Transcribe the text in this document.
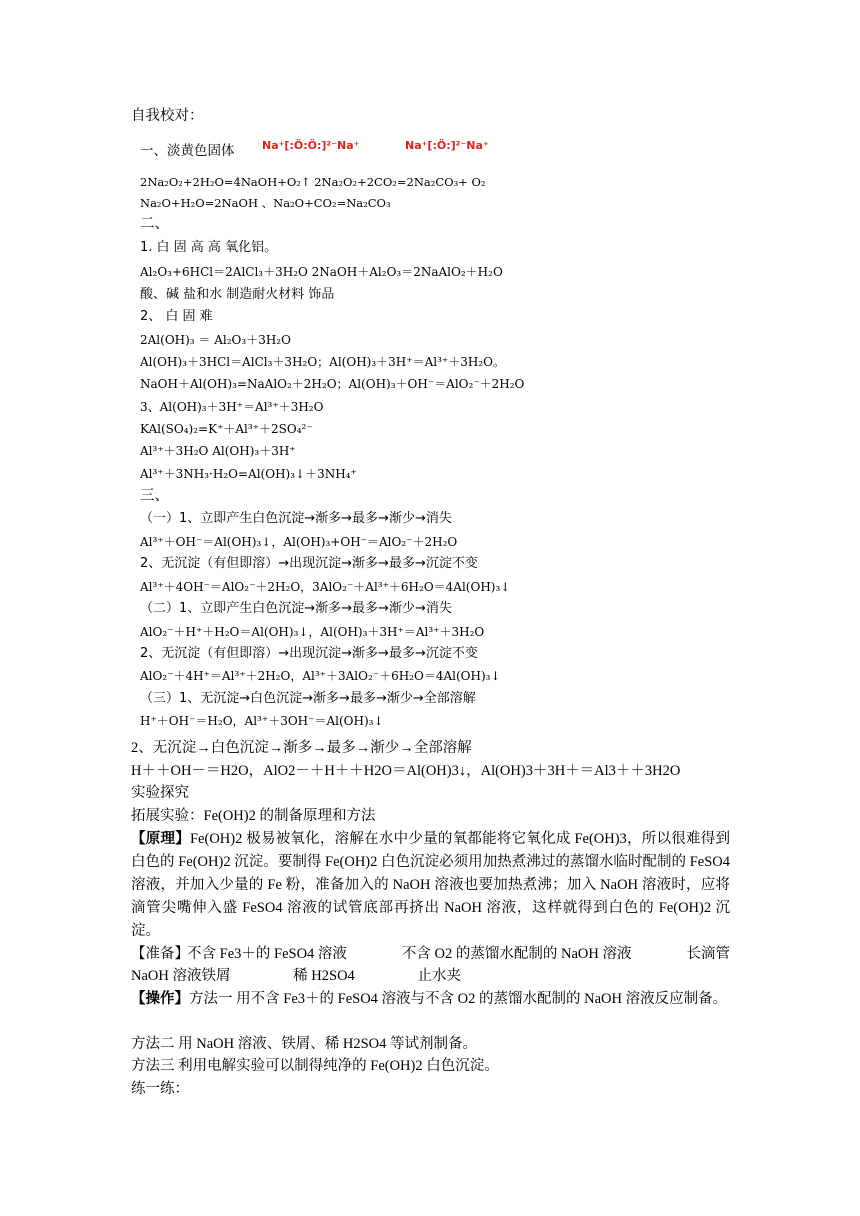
自我校对：
一、淡黄色固体	Na⁺[:Ö:Ö:]²⁻Na⁺	Na⁺[:Ö:]²⁻Na⁺
2Na₂O₂+2H₂O=4NaOH+O₂↑ 2Na₂O₂+2CO₂=2Na₂CO₃+ O₂
Na₂O+H₂O=2NaOH 、Na₂O+CO₂=Na₂CO₃
二、
1. 白 固 高 高 氧化铝。
Al₂O₃+6HCl＝2AlCl₃＋3H₂O 2NaOH＋Al₂O₃＝2NaAlO₂＋H₂O
酸、碱 盐和水 制造耐火材料 饰品
2、 白 固 难
2Al(OH)₃ ＝ Al₂O₃＋3H₂O
Al(OH)₃＋3HCl＝AlCl₃＋3H₂O；Al(OH)₃＋3H⁺＝Al³⁺＋3H₂O。
NaOH＋Al(OH)₃=NaAlO₂＋2H₂O；Al(OH)₃＋OH⁻＝AlO₂⁻＋2H₂O
3、Al(OH)₃＋3H⁺＝Al³⁺＋3H₂O
KAl(SO₄)₂=K⁺＋Al³⁺＋2SO₄²⁻
Al³⁺＋3H₂O Al(OH)₃＋3H⁺
Al³⁺＋3NH₃·H₂O=Al(OH)₃↓＋3NH₄⁺
三、
（一）1、立即产生白色沉淀→渐多→最多→渐少→消失
Al³⁺＋OH⁻＝Al(OH)₃↓，Al(OH)₃+OH⁻＝AlO₂⁻＋2H₂O
2、无沉淀（有但即溶）→出现沉淀→渐多→最多→沉淀不变
Al³⁺＋4OH⁻＝AlO₂⁻＋2H₂O，3AlO₂⁻＋Al³⁺＋6H₂O＝4Al(OH)₃↓
（二）1、立即产生白色沉淀→渐多→最多→渐少→消失
AlO₂⁻＋H⁺＋H₂O＝Al(OH)₃↓，Al(OH)₃＋3H⁺＝Al³⁺＋3H₂O
2、无沉淀（有但即溶）→出现沉淀→渐多→最多→沉淀不变
AlO₂⁻＋4H⁺＝Al³⁺＋2H₂O，Al³⁺＋3AlO₂⁻＋6H₂O＝4Al(OH)₃↓
（三）1、无沉淀→白色沉淀→渐多→最多→渐少→全部溶解
H⁺＋OH⁻＝H₂O，Al³⁺＋3OH⁻＝Al(OH)₃↓
2、无沉淀→白色沉淀→渐多→最多→渐少→全部溶解
H＋＋OH－＝H2O，AlO2－＋H＋＋H2O＝Al(OH)3↓，Al(OH)3＋3H＋＝Al3＋＋3H2O
实验探究
拓展实验：Fe(OH)2 的制备原理和方法
【原理】Fe(OH)2 极易被氧化，溶解在水中少量的氧都能将它氧化成 Fe(OH)3，所以很难得到白色的 Fe(OH)2 沉淀。要制得 Fe(OH)2 白色沉淀必须用加热煮沸过的蒸馏水临时配制的 FeSO4 溶液，并加入少量的 Fe 粉，准备加入的 NaOH 溶液也要加热煮沸；加入 NaOH 溶液时，应将滴管尖嘴伸入盛 FeSO4 溶液的试管底部再挤出 NaOH 溶液，这样就得到白色的 Fe(OH)2 沉淀。
【准备】
不含 Fe3＋的 FeSO4 溶液	不含 O2 的蒸馏水配制的 NaOH 溶液	长滴管
NaOH 溶液铁屑	稀 H2SO4	止水夹
【操作】方法一 用不含 Fe3＋的 FeSO4 溶液与不含 O2 的蒸馏水配制的 NaOH 溶液反应制备。
方法二 用 NaOH 溶液、铁屑、稀 H2SO4 等试剂制备。
方法三 利用电解实验可以制得纯净的 Fe(OH)2 白色沉淀。
练一练：
